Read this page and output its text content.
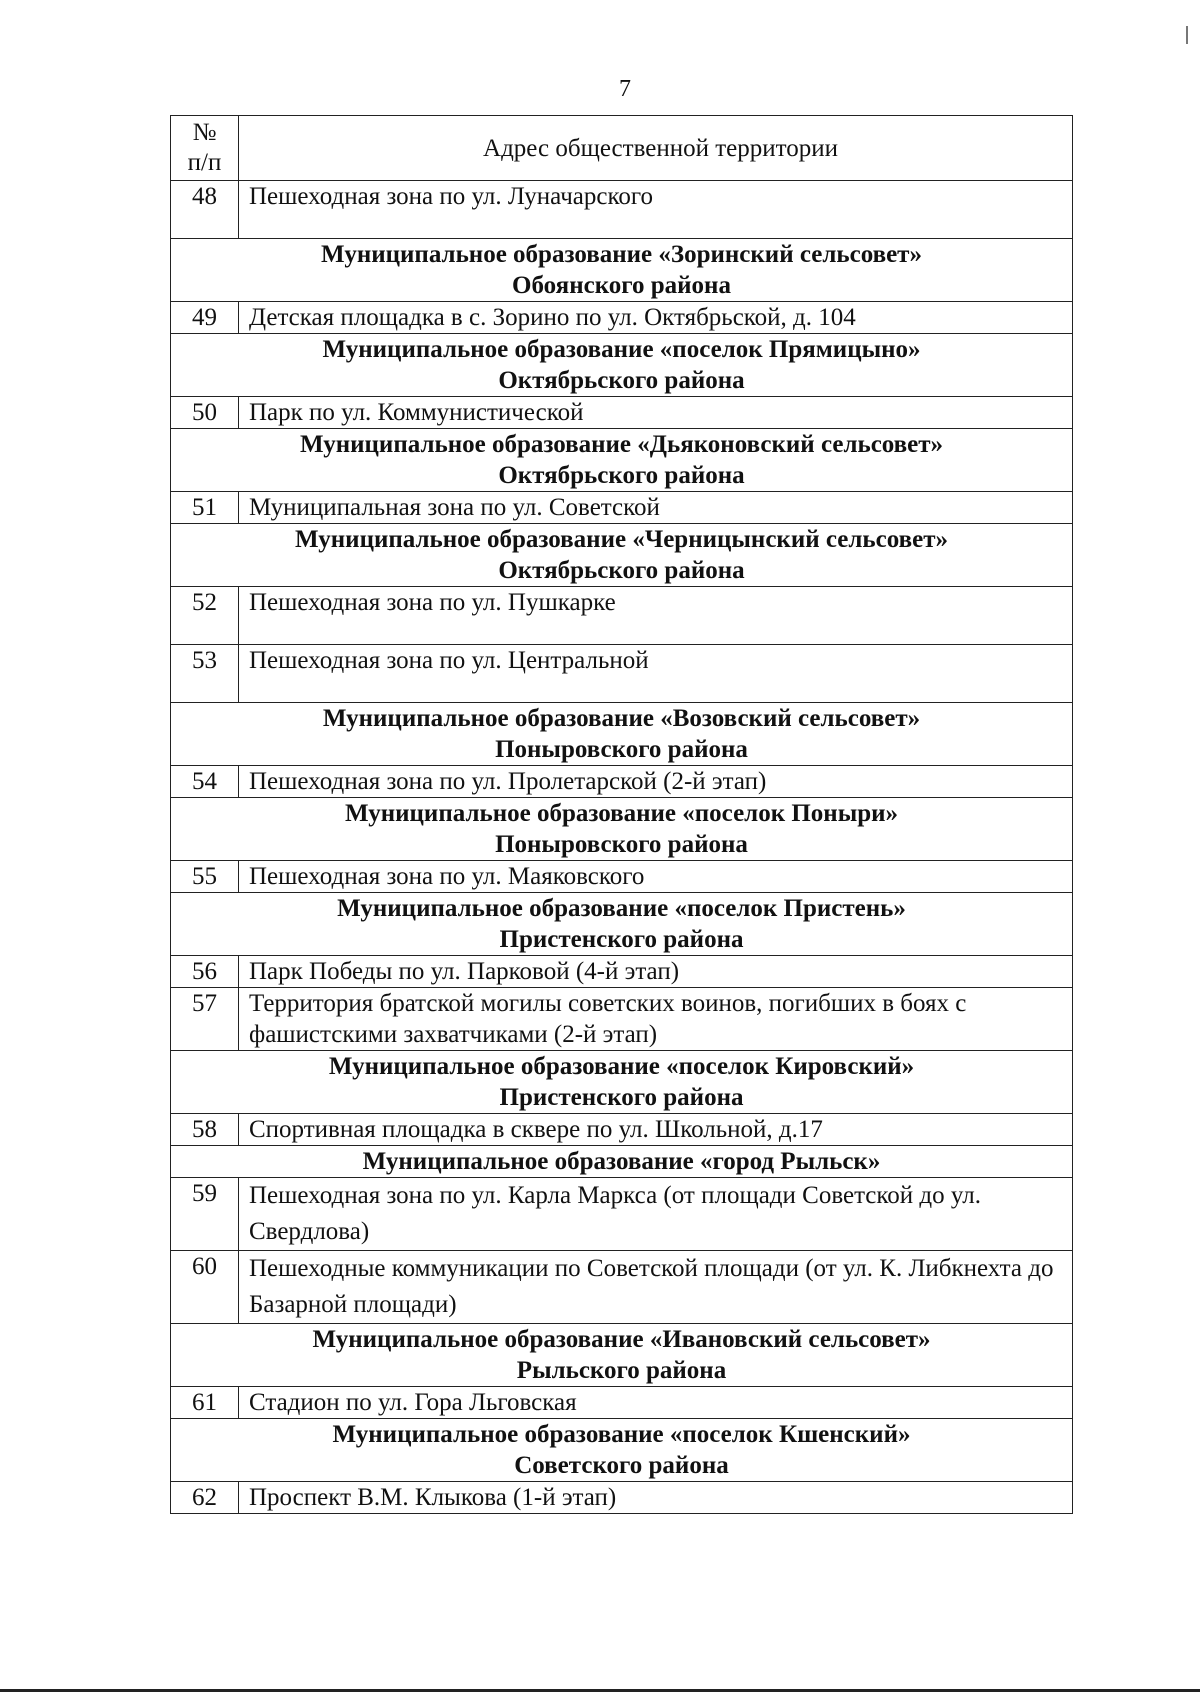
7
№
п/п	Адрес общественной территории
48	Пешеходная зона по ул. Луначарского

Муниципальное образование «Зоринский сельсовет»
Обоянского района	

49	Детская площадка в с. Зорино по ул. Октябрьской, д. 104

Муниципальное образование «поселок Прямицыно»
Октябрьского района	

50	Парк по ул. Коммунистической

Муниципальное образование «Дьяконовский сельсовет»
Октябрьского района	

51	Муниципальная зона по ул. Советской

Муниципальное образование «Черницынский сельсовет»
Октябрьского района	

52	Пешеходная зона по ул. Пушкарке
53	Пешеходная зона по ул. Центральной

Муниципальное образование «Возовский сельсовет»
Поныровского района	

54	Пешеходная зона по ул. Пролетарской (2-й этап)

Муниципальное образование «поселок Поныри»
Поныровского района	

55	Пешеходная зона по ул. Маяковского

Муниципальное образование «поселок Пристень»
Пристенского района	

56	Парк Победы по ул. Парковой (4-й этап)
57	Территория братской могилы советских воинов, погибших в боях с фашистскими захватчиками (2-й этап)

Муниципальное образование «поселок Кировский»
Пристенского района	

58	Спортивная площадка в сквере по ул. Школьной, д.17

Муниципальное образование «город Рыльск»	

59	Пешеходная зона по ул. Карла Маркса (от площади Советской до ул. Свердлова)
60	Пешеходные коммуникации по Советской площади (от ул. К. Либкнехта до Базарной площади)

Муниципальное образование «Ивановский сельсовет»
Рыльского района	

61	Стадион по ул. Гора Льговская

Муниципальное образование «поселок Кшенский»
Советского района	

62	Проспект В.М. Клыкова (1-й этап)
